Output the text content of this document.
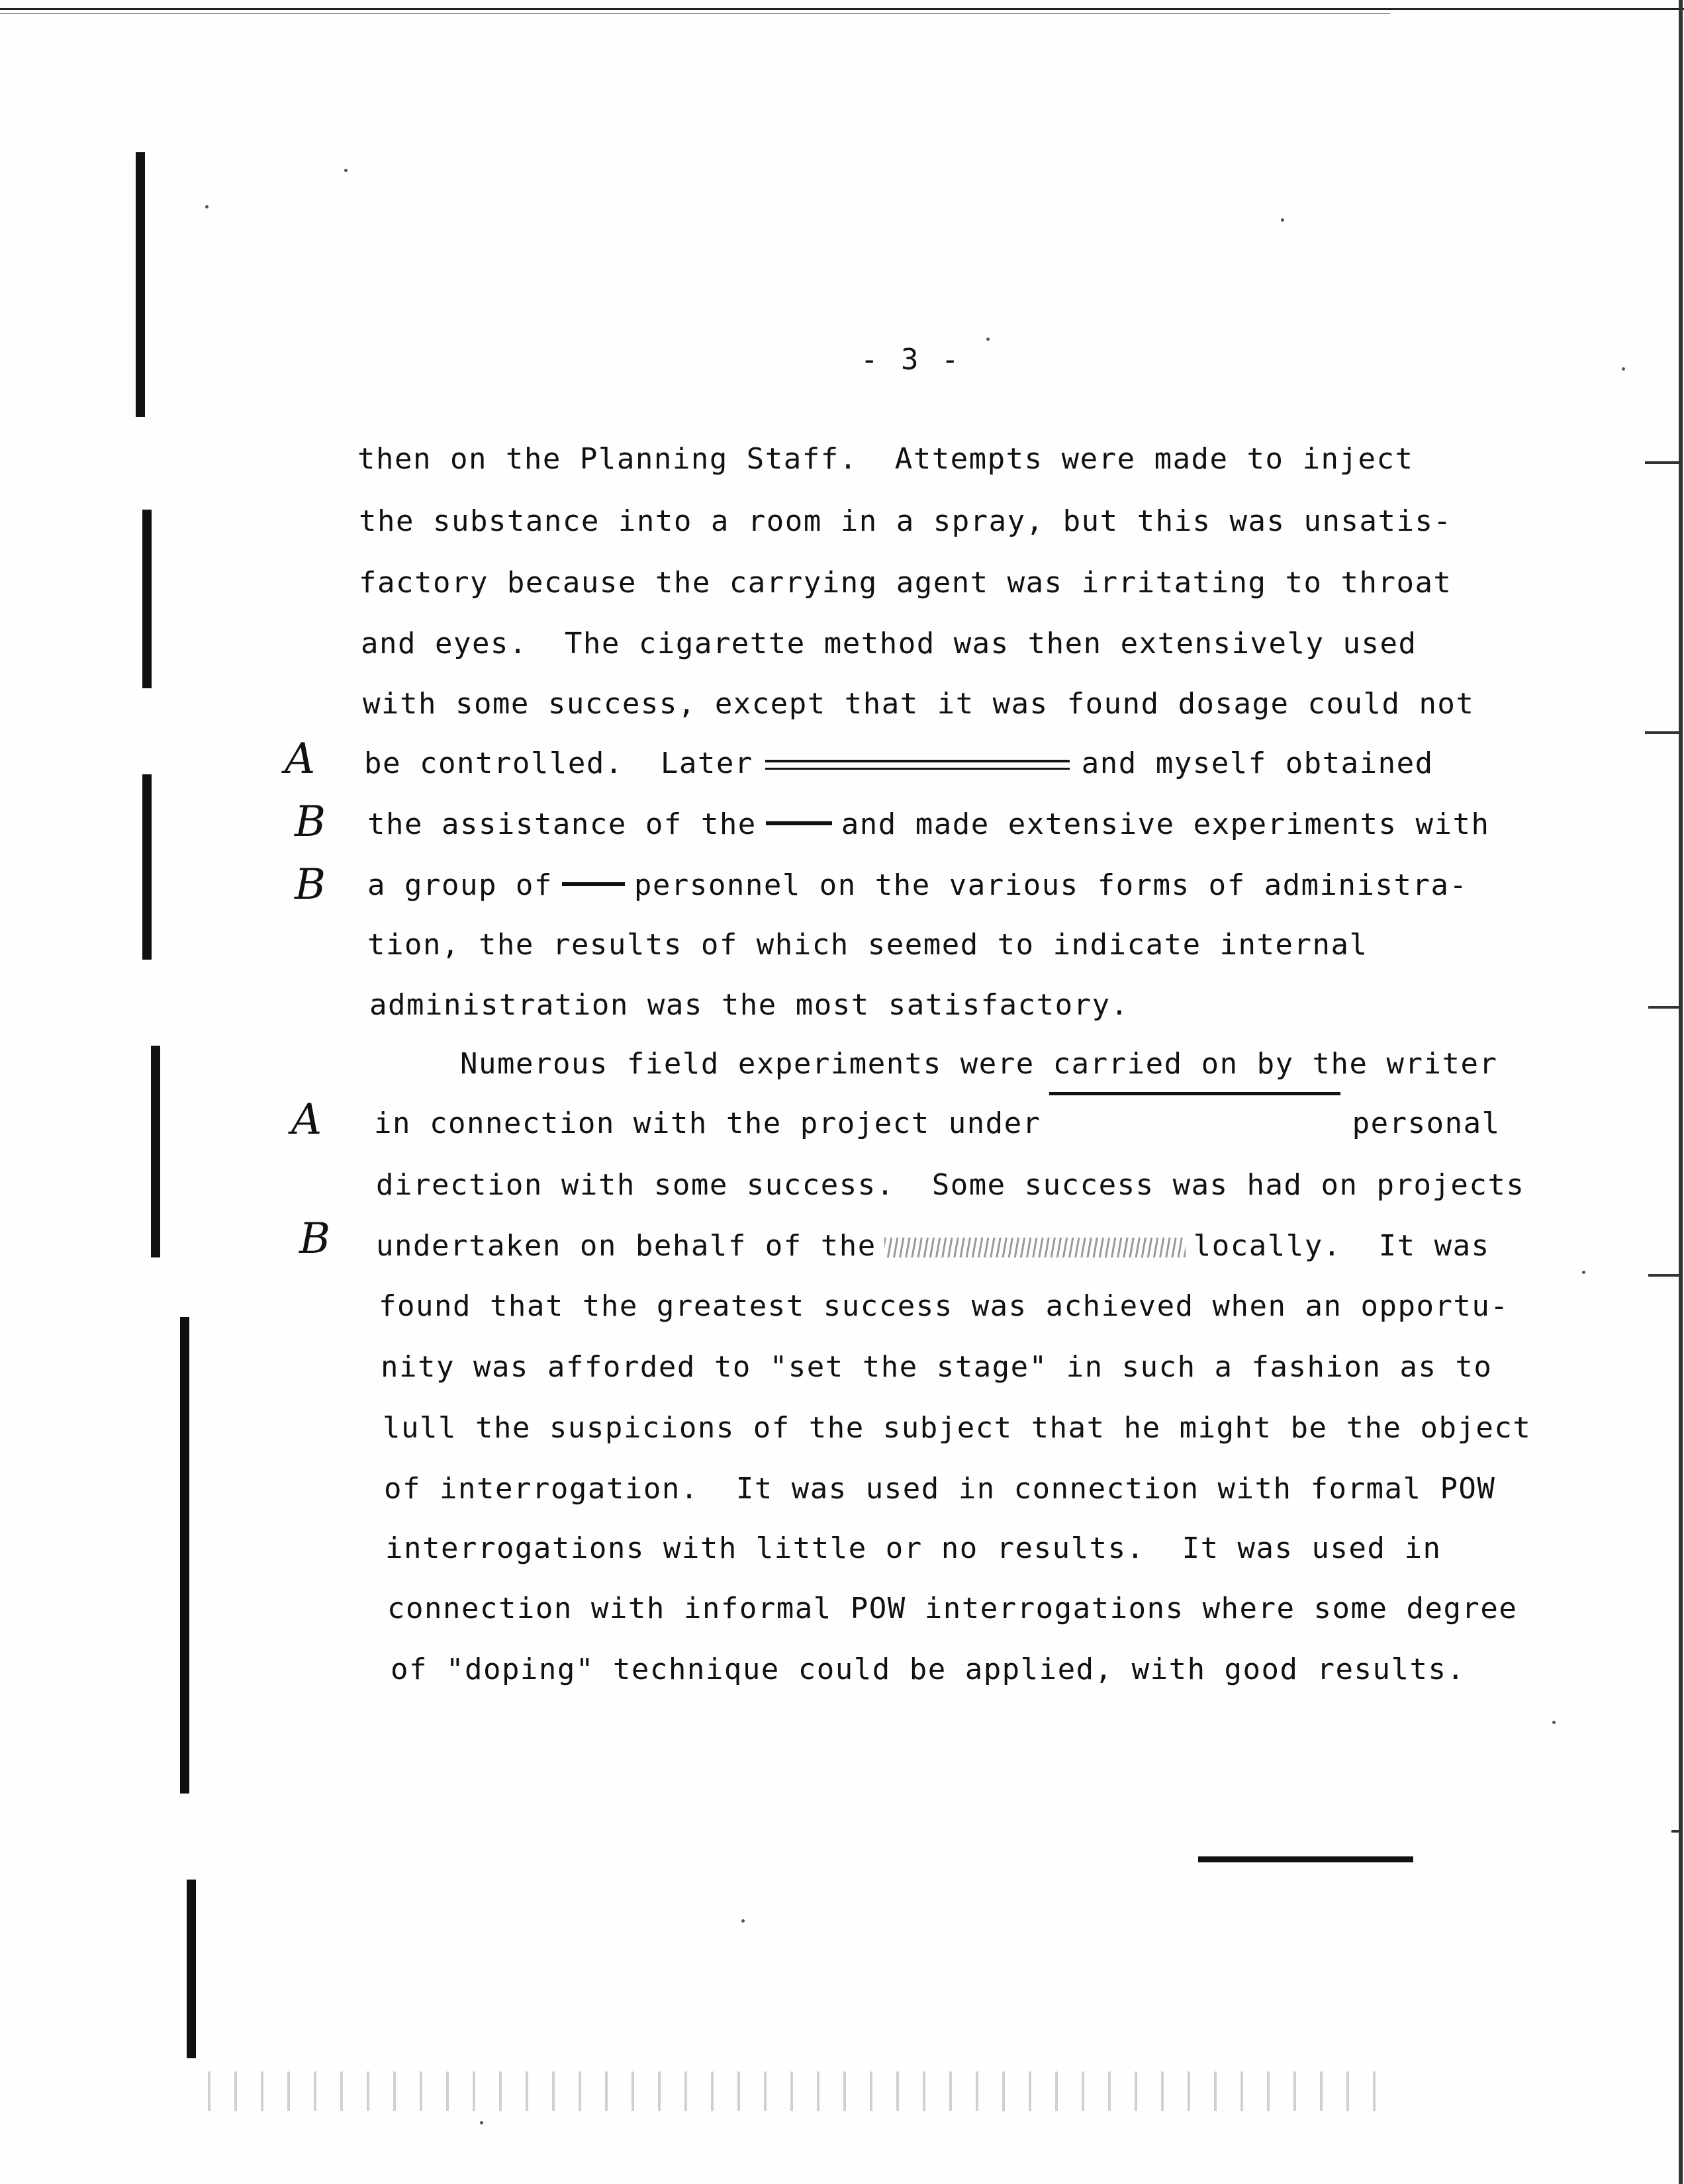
- 3 -
A
B
B
A
B
then on the Planning Staff.  Attempts were made to inject
the substance into a room in a spray, but this was unsatis-
factory because the carrying agent was irritating to throat
and eyes.  The cigarette method was then extensively used
with some success, except that it was found dosage could not
be controlled.  Later	and myself obtained
the assistance of the	and made extensive experiments with
a group of	personnel on the various forms of administra-
tion, the results of which seemed to indicate internal
administration was the most satisfactory.
Numerous field experiments were carried on by the writer
in connection with the project under	personal
direction with some success.  Some success was had on projects
undertaken on behalf of the	locally.  It was
found that the greatest success was achieved when an opportu-
nity was afforded to "set the stage" in such a fashion as to
lull the suspicions of the subject that he might be the object
of interrogation.  It was used in connection with formal POW
interrogations with little or no results.  It was used in
connection with informal POW interrogations where some degree
of "doping" technique could be applied, with good results.
